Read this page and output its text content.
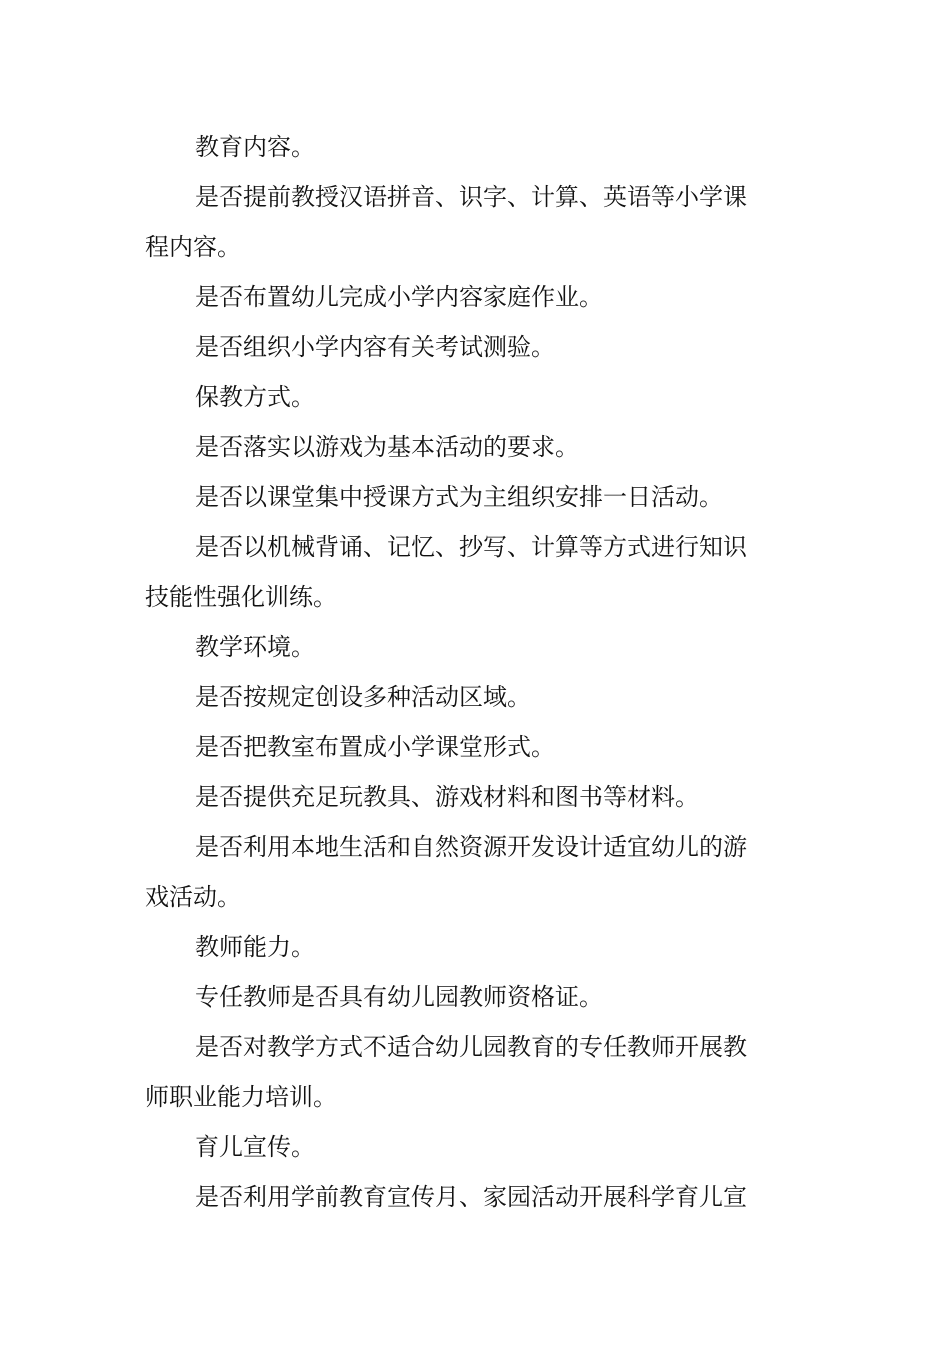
教育内容。

是否提前教授汉语拼音、识字、计算、英语等小学课程内容。

是否布置幼儿完成小学内容家庭作业。

是否组织小学内容有关考试测验。

保教方式。

是否落实以游戏为基本活动的要求。

是否以课堂集中授课方式为主组织安排一日活动。

是否以机械背诵、记忆、抄写、计算等方式进行知识技能性强化训练。

教学环境。

是否按规定创设多种活动区域。

是否把教室布置成小学课堂形式。

是否提供充足玩教具、游戏材料和图书等材料。

是否利用本地生活和自然资源开发设计适宜幼儿的游戏活动。

教师能力。

专任教师是否具有幼儿园教师资格证。

是否对教学方式不适合幼儿园教育的专任教师开展教师职业能力培训。

育儿宣传。

是否利用学前教育宣传月、家园活动开展科学育儿宣
